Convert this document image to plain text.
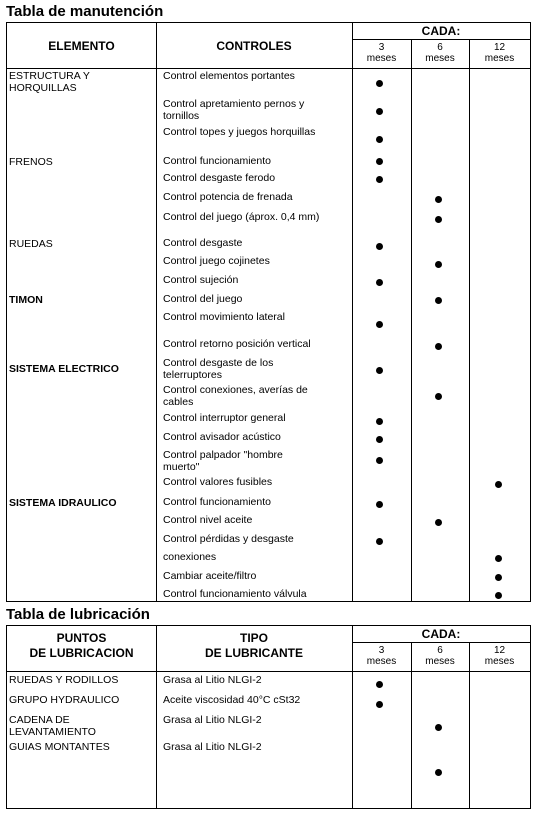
Tabla de manutención
ELEMENTO	CONTROLES
CADA:
3
meses
6
meses
12
meses
ESTRUCTURA Y
HORQUILLAS
FRENOS
RUEDAS
TIMON
SISTEMA ELECTRICO
SISTEMA IDRAULICO
Control elementos portantes
Control apretamiento pernos y
tornillos
Control topes y juegos horquillas
Control funcionamiento
Control desgaste ferodo
Control potencia de frenada
Control del juego (áprox. 0,4 mm)
Control desgaste
Control juego cojinetes
Control sujeción
Control del juego
Control movimiento lateral
Control retorno posición vertical
Control desgaste de los
telerruptores
Control conexiones, averías de
cables
Control interruptor general
Control avisador acústico
Control palpador "hombre
muerto"
Control valores fusibles
Control funcionamiento
Control nivel aceite
Control pérdidas y desgaste
conexiones
Cambiar aceite/filtro
Control funcionamiento válvula
Tabla de lubricación
PUNTOS
DE LUBRICACION
TIPO
DE LUBRICANTE
CADA:
3
meses
6
meses
12
meses
RUEDAS Y RODILLOS
GRUPO HYDRAULICO
CADENA DE
LEVANTAMIENTO
GUIAS MONTANTES
Grasa al Litio NLGI-2
Aceite viscosidad 40°C cSt32
Grasa al Litio NLGI-2
Grasa al Litio NLGI-2
